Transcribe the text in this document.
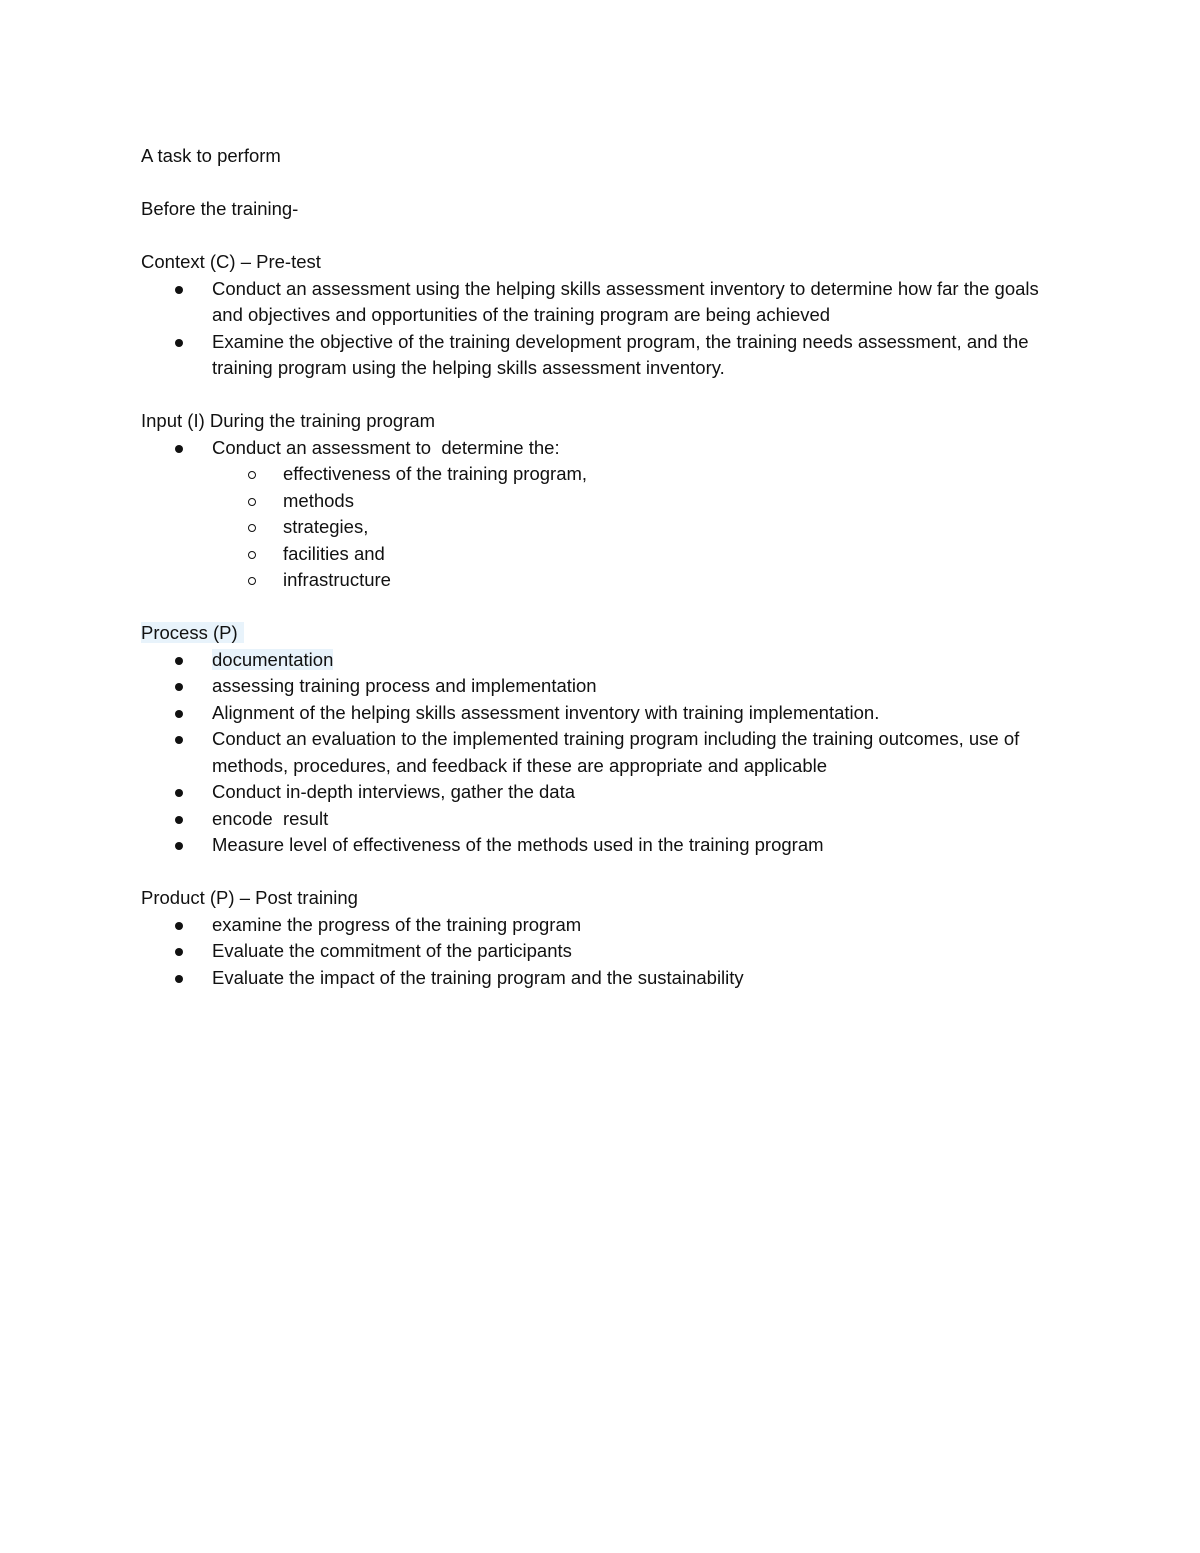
A task to perform

Before the training-

Context (C) – Pre-test

Conduct an assessment using the helping skills assessment inventory to determine how far the goals and objectives and opportunities of the training program are being achieved
Examine the objective of the training development program, the training needs assessment, and the training program using the helping skills assessment inventory.

Input (I) During the training program

Conduct an assessment to  determine the:
effectiveness of the training program,
methods
strategies,
facilities and
infrastructure

Process (P)

documentation
assessing training process and implementation
Alignment of the helping skills assessment inventory with training implementation.
Conduct an evaluation to the implemented training program including the training outcomes, use of methods, procedures, and feedback if these are appropriate and applicable
Conduct in-depth interviews, gather the data
encode  result
Measure level of effectiveness of the methods used in the training program

Product (P) – Post training

examine the progress of the training program
Evaluate the commitment of the participants
Evaluate the impact of the training program and the sustainability
